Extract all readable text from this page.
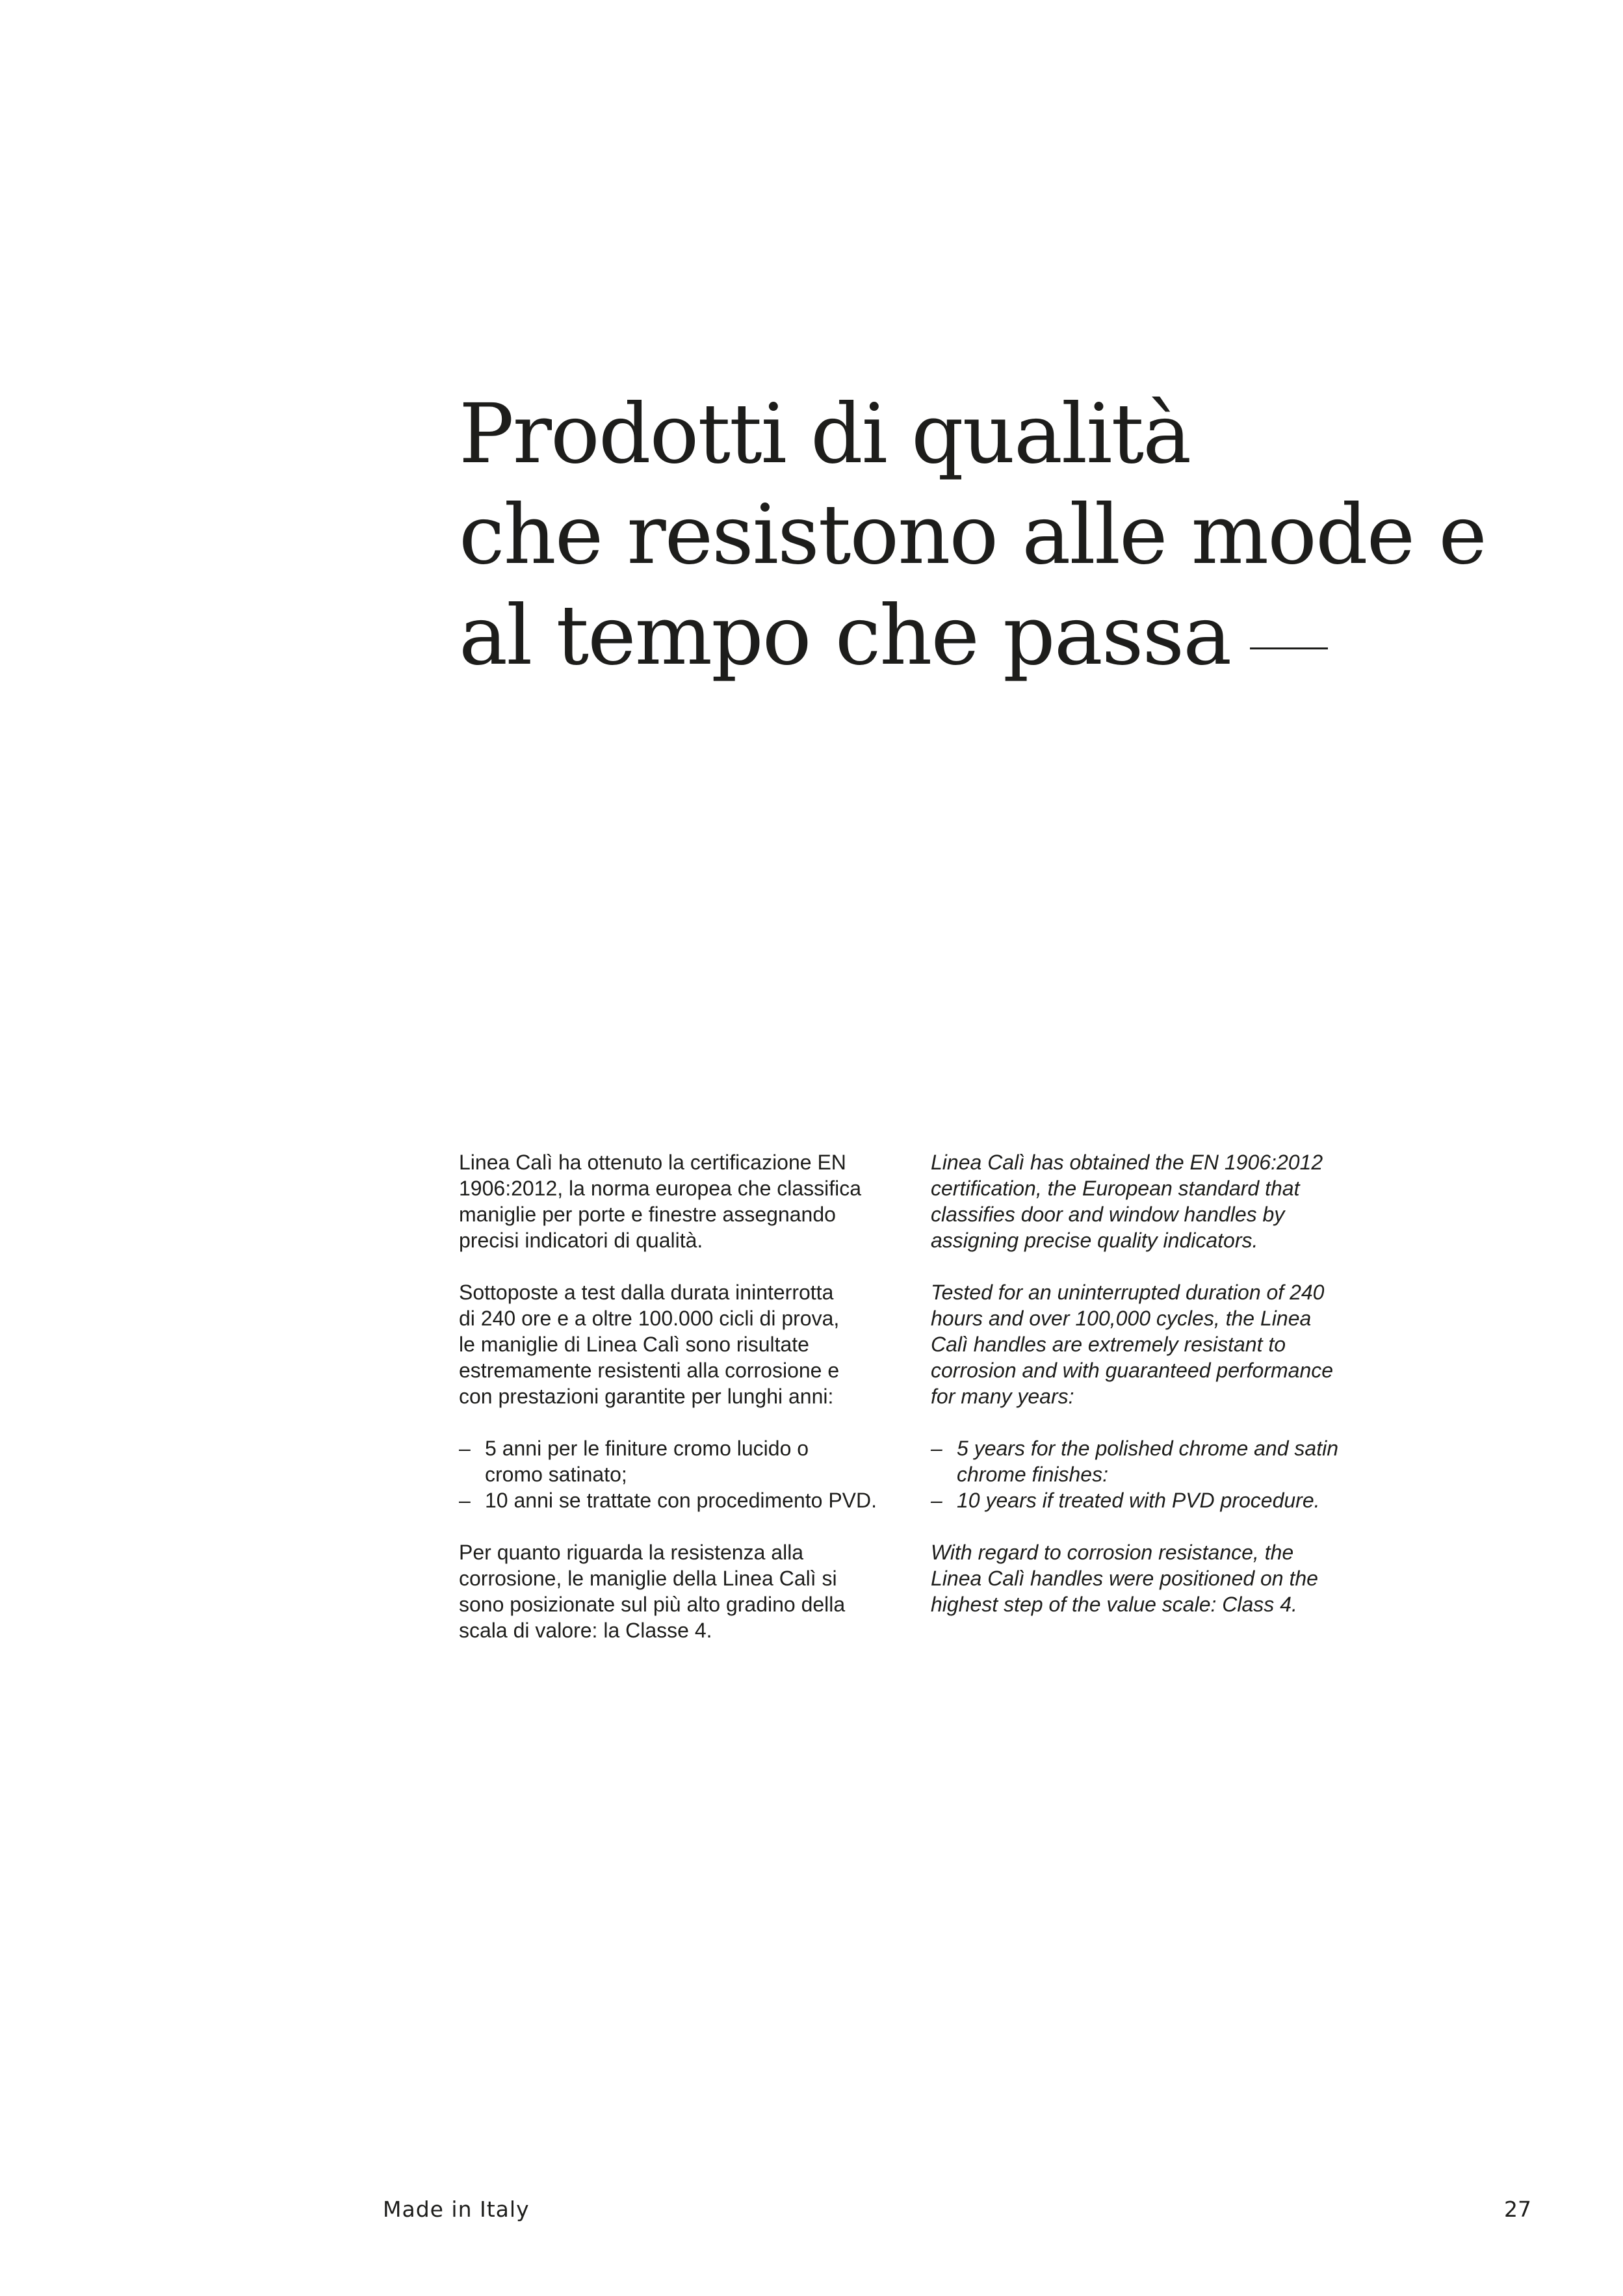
Prodotti di qualità
che resistono alle mode e
al tempo che passa

Linea Calì ha ottenuto la certificazione EN
1906:2012, la norma europea che classifica
maniglie per porte e finestre assegnando
precisi indicatori di qualità.

Sottoposte a test dalla durata ininterrotta
di 240 ore e a oltre 100.000 cicli di prova,
le maniglie di Linea Calì sono risultate
estremamente resistenti alla corrosione e
con prestazioni garantite per lunghi anni:

– 5 anni per le finiture cromo lucido o
cromo satinato;
– 10 anni se trattate con procedimento PVD.

Per quanto riguarda la resistenza alla
corrosione, le maniglie della Linea Calì si
sono posizionate sul più alto gradino della
scala di valore: la Classe 4.

Linea Calì has obtained the EN 1906:2012
certification, the European standard that
classifies door and window handles by
assigning precise quality indicators.

Tested for an uninterrupted duration of 240
hours and over 100,000 cycles, the Linea
Calì handles are extremely resistant to
corrosion and with guaranteed performance
for many years:

– 5 years for the polished chrome and satin
chrome finishes:
– 10 years if treated with PVD procedure.

With regard to corrosion resistance, the
Linea Calì handles were positioned on the
highest step of the value scale: Class 4.

Made in Italy	27
